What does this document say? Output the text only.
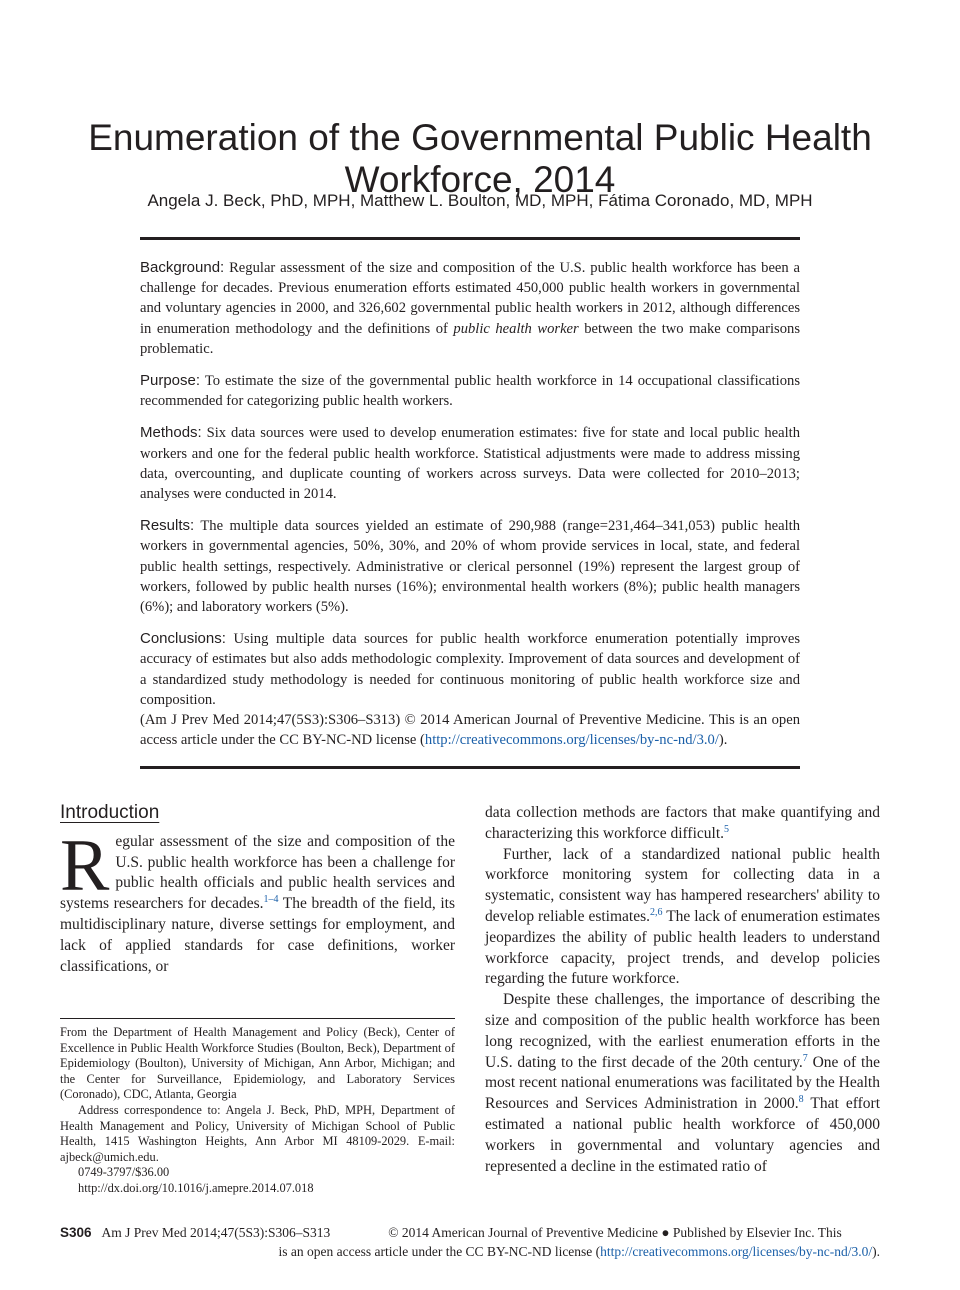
Enumeration of the Governmental Public Health Workforce, 2014
Angela J. Beck, PhD, MPH, Matthew L. Boulton, MD, MPH, Fátima Coronado, MD, MPH

Background: Regular assessment of the size and composition of the U.S. public health workforce has been a challenge for decades. Previous enumeration efforts estimated 450,000 public health workers in governmental and voluntary agencies in 2000, and 326,602 governmental public health workers in 2012, although differences in enumeration methodology and the definitions of public health worker between the two make comparisons problematic.

Purpose: To estimate the size of the governmental public health workforce in 14 occupational classifications recommended for categorizing public health workers.

Methods: Six data sources were used to develop enumeration estimates: five for state and local public health workers and one for the federal public health workforce. Statistical adjustments were made to address missing data, overcounting, and duplicate counting of workers across surveys. Data were collected for 2010–2013; analyses were conducted in 2014.

Results: The multiple data sources yielded an estimate of 290,988 (range=231,464–341,053) public health workers in governmental agencies, 50%, 30%, and 20% of whom provide services in local, state, and federal public health settings, respectively. Administrative or clerical personnel (19%) represent the largest group of workers, followed by public health nurses (16%); environmental health workers (8%); public health managers (6%); and laboratory workers (5%).

Conclusions: Using multiple data sources for public health workforce enumeration potentially improves accuracy of estimates but also adds methodologic complexity. Improvement of data sources and development of a standardized study methodology is needed for continuous monitoring of public health workforce size and composition.

(Am J Prev Med 2014;47(5S3):S306–S313) © 2014 American Journal of Preventive Medicine. This is an open access article under the CC BY-NC-ND license (http://creativecommons.org/licenses/by-nc-nd/3.0/).

Introduction

Regular assessment of the size and composition of the U.S. public health workforce has been a challenge for public health officials and public health services and systems researchers for decades.$^{1-4}$ The breadth of the field, its multidisciplinary nature, diverse settings for employment, and lack of applied standards for case definitions, worker classifications, or

From the Department of Health Management and Policy (Beck), Center of Excellence in Public Health Workforce Studies (Boulton, Beck), Department of Epidemiology (Boulton), University of Michigan, Ann Arbor, Michigan; and the Center for Surveillance, Epidemiology, and Laboratory Services (Coronado), CDC, Atlanta, Georgia

Address correspondence to: Angela J. Beck, PhD, MPH, Department of Health Management and Policy, University of Michigan School of Public Health, 1415 Washington Heights, Ann Arbor MI 48109-2029. E-mail: ajbeck@umich.edu.

0749-3797/$36.00

http://dx.doi.org/10.1016/j.amepre.2014.07.018

data collection methods are factors that make quantifying and characterizing this workforce difficult.$^5$

Further, lack of a standardized national public health workforce monitoring system for collecting data in a systematic, consistent way has hampered researchers' ability to develop reliable estimates.$^{2,6}$ The lack of enumeration estimates jeopardizes the ability of public health leaders to understand workforce capacity, project trends, and develop policies regarding the future workforce.

Despite these challenges, the importance of describing the size and composition of the public health workforce has been long recognized, with the earliest enumeration efforts in the U.S. dating to the first decade of the 20th century.$^7$ One of the most recent national enumerations was facilitated by the Health Resources and Services Administration in 2000.$^8$ That effort estimated a national public health workforce of 450,000 workers in governmental and voluntary agencies and represented a decline in the estimated ratio of

S306 Am J Prev Med 2014;47(5S3):S306–S313	© 2014 American Journal of Preventive Medicine ● Published by Elsevier Inc. This
is an open access article under the CC BY-NC-ND license (http://creativecommons.org/licenses/by-nc-nd/3.0/).
